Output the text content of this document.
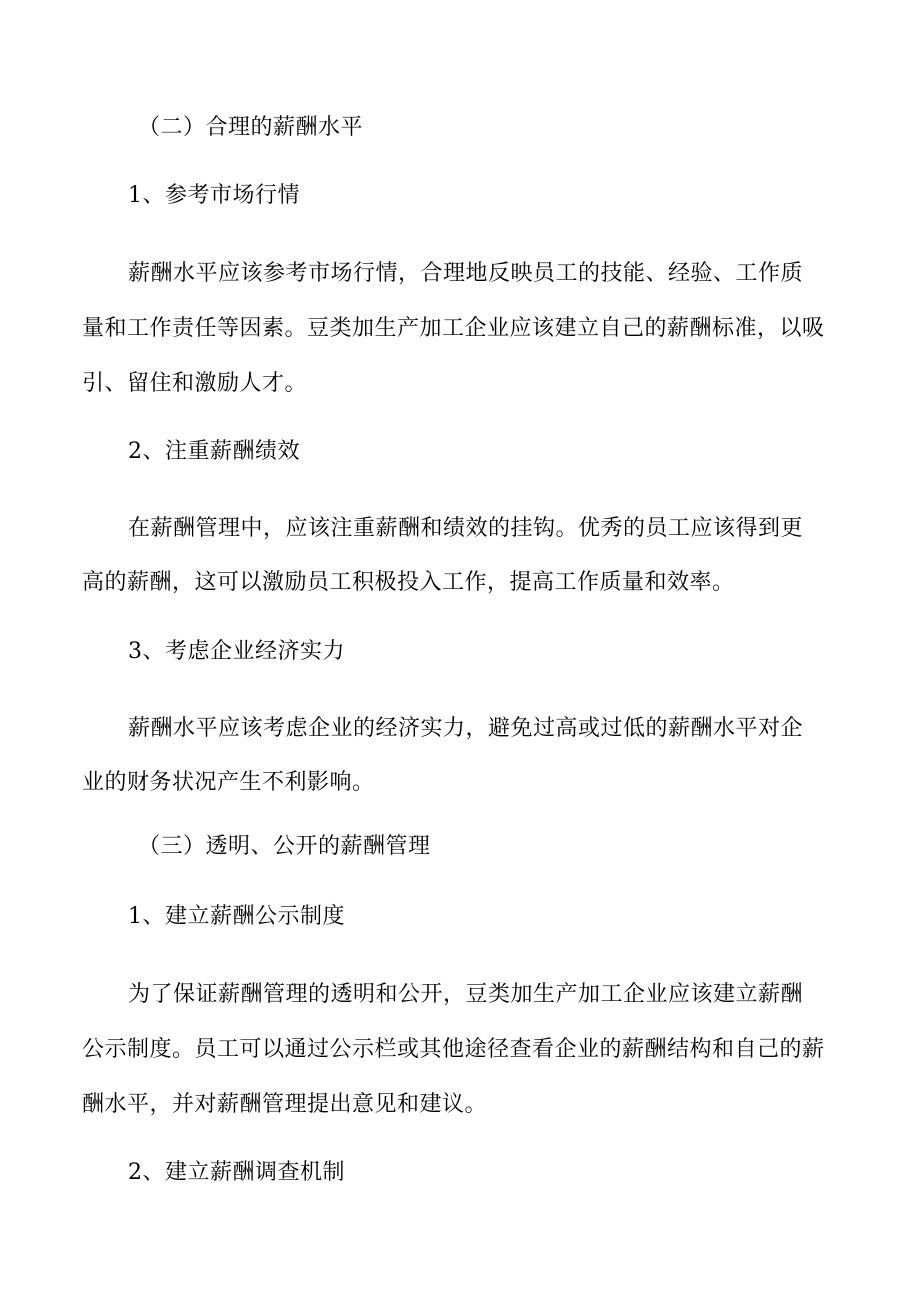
（二）合理的薪酬水平
1、参考市场行情
薪酬水平应该参考市场行情，合理地反映员工的技能、经验、工作质
量和工作责任等因素。豆类加生产加工企业应该建立自己的薪酬标准，以吸
引、留住和激励人才。
2、注重薪酬绩效
在薪酬管理中，应该注重薪酬和绩效的挂钩。优秀的员工应该得到更
高的薪酬，这可以激励员工积极投入工作，提高工作质量和效率。
3、考虑企业经济实力
薪酬水平应该考虑企业的经济实力，避免过高或过低的薪酬水平对企
业的财务状况产生不利影响。
（三）透明、公开的薪酬管理
1、建立薪酬公示制度
为了保证薪酬管理的透明和公开，豆类加生产加工企业应该建立薪酬
公示制度。员工可以通过公示栏或其他途径查看企业的薪酬结构和自己的薪
酬水平，并对薪酬管理提出意见和建议。
2、建立薪酬调查机制
